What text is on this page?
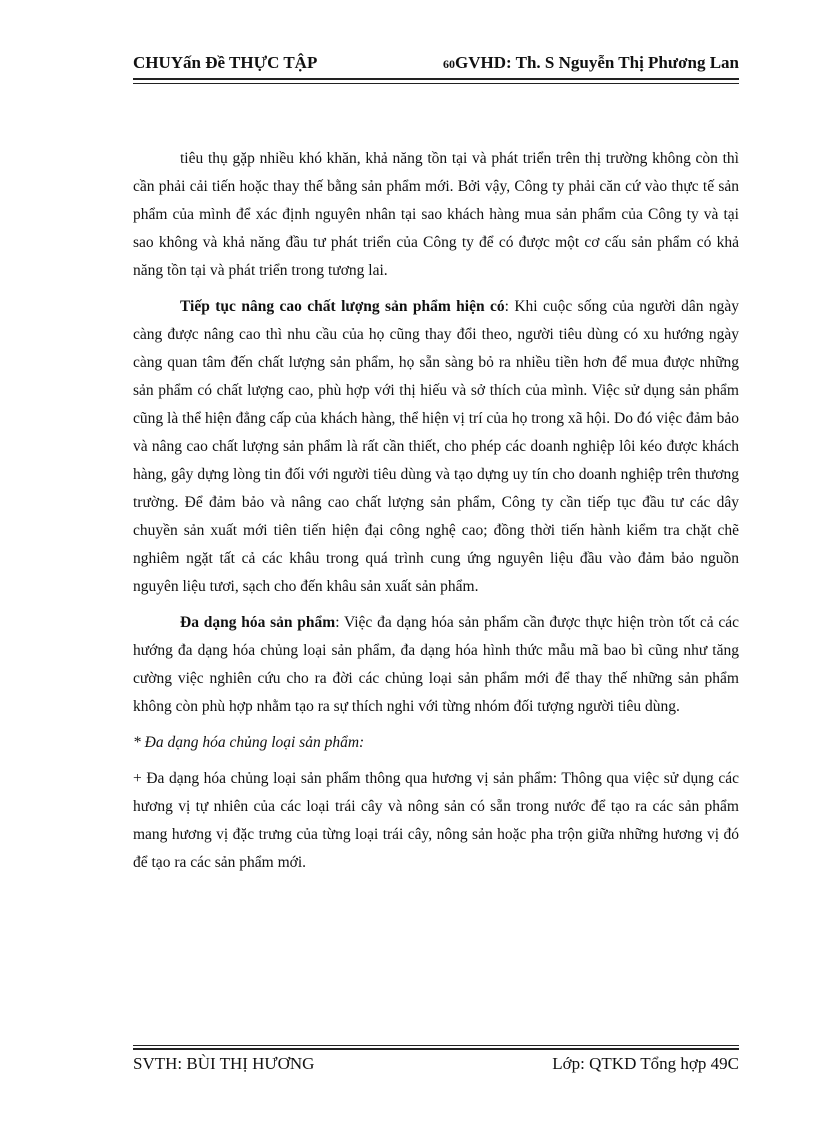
CHUYấn Đề THỰC TẬP	60GVHD: Th. S Nguyễn Thị Phương Lan

tiêu thụ gặp nhiều khó khăn, khả năng tồn tại và phát triển trên thị trường không còn thì cần phải cải tiến hoặc thay thế bằng sản phẩm mới. Bởi vậy, Công ty phải căn cứ vào thực tế sản phẩm của mình để xác định nguyên nhân tại sao khách hàng mua sản phẩm của Công ty và tại sao không và khả năng đầu tư phát triển của Công ty để có được một cơ cấu sản phẩm có khả năng tồn tại và phát triển trong tương lai.

Tiếp tục nâng cao chất lượng sản phẩm hiện có: Khi cuộc sống của người dân ngày càng được nâng cao thì nhu cầu của họ cũng thay đổi theo, người tiêu dùng có xu hướng ngày càng quan tâm đến chất lượng sản phẩm, họ sẵn sàng bỏ ra nhiều tiền hơn để mua được những sản phẩm có chất lượng cao, phù hợp với thị hiếu và sở thích của mình. Việc sử dụng sản phẩm cũng là thể hiện đẳng cấp của khách hàng, thể hiện vị trí của họ trong xã hội. Do đó việc đảm bảo và nâng cao chất lượng sản phẩm là rất cần thiết, cho phép các doanh nghiệp lôi kéo được khách hàng, gây dựng lòng tin đối với người tiêu dùng và tạo dựng uy tín cho doanh nghiệp trên thương trường. Để đảm bảo và nâng cao chất lượng sản phẩm, Công ty cần tiếp tục đầu tư các dây chuyền sản xuất mới tiên tiến hiện đại công nghệ cao; đồng thời tiến hành kiểm tra chặt chẽ nghiêm ngặt tất cả các khâu trong quá trình cung ứng nguyên liệu đầu vào đảm bảo nguồn nguyên liệu tươi, sạch cho đến khâu sản xuất sản phẩm.

Đa dạng hóa sản phẩm: Việc đa dạng hóa sản phẩm cần được thực hiện tròn tốt cả các hướng đa dạng hóa chủng loại sản phẩm, đa dạng hóa hình thức mẫu mã bao bì cũng như tăng cường việc nghiên cứu cho ra đời các chủng loại sản phẩm mới để thay thế những sản phẩm không còn phù hợp nhằm tạo ra sự thích nghi với từng nhóm đối tượng người tiêu dùng.

* Đa dạng hóa chủng loại sản phẩm:

+ Đa dạng hóa chủng loại sản phẩm thông qua hương vị sản phẩm: Thông qua việc sử dụng các hương vị tự nhiên của các loại trái cây và nông sản có sẵn trong nước để tạo ra các sản phẩm mang hương vị đặc trưng của từng loại trái cây, nông sản hoặc pha trộn giữa những hương vị đó để tạo ra các sản phẩm mới.

SVTH: BÙI THỊ HƯƠNG	Lớp: QTKD Tổng hợp 49C
